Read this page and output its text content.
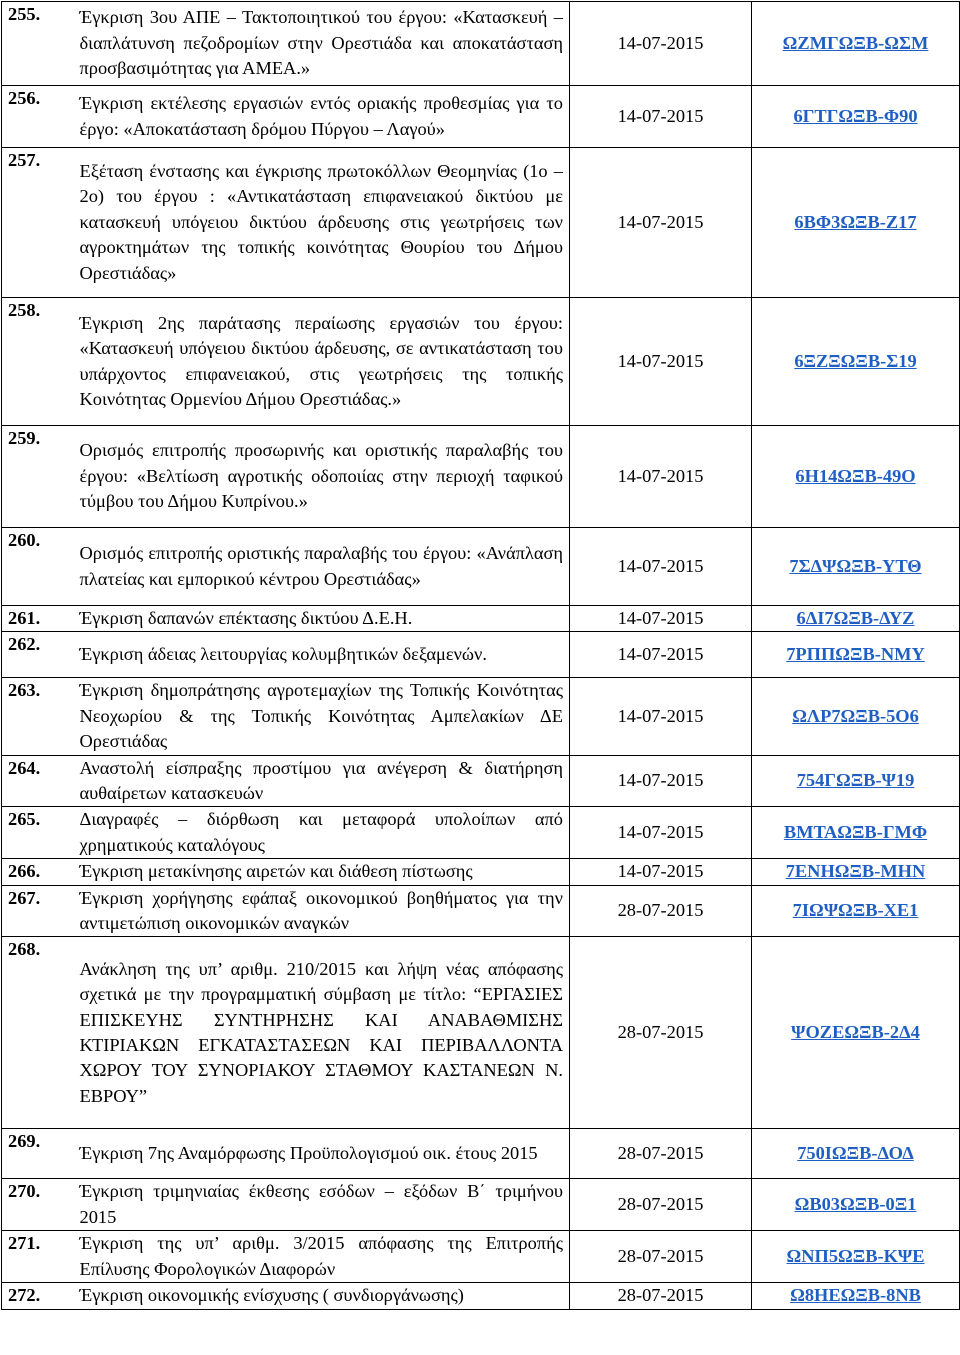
255.	Έγκριση 3ου ΑΠΕ – Τακτοποιητικού του έργου: «Κατασκευή – διαπλάτυνση πεζοδρομίων στην Ορεστιάδα και αποκατάσταση προσβασιμότητας για ΑΜΕΑ.»	14-07-2015	ΩΖΜΓΩΞΒ-ΩΣΜ
256.	Έγκριση εκτέλεσης εργασιών εντός οριακής προθεσμίας για το έργο: «Αποκατάσταση δρόμου Πύργου – Λαγού»	14-07-2015	6ΓΤΓΩΞΒ-Φ90
257.	Εξέταση ένστασης και έγκρισης πρωτοκόλλων Θεομηνίας (1ο – 2ο) του έργου : «Αντικατάσταση επιφανειακού δικτύου με κατασκευή υπόγειου δικτύου άρδευσης στις γεωτρήσεις των αγροκτημάτων της τοπικής κοινότητας Θουρίου του Δήμου Ορεστιάδας»	14-07-2015	6ΒΦ3ΩΞΒ-Ζ17
258.	Έγκριση 2ης παράτασης περαίωσης εργασιών του έργου: «Κατασκευή υπόγειου δικτύου άρδευσης, σε αντικατάσταση του υπάρχοντος επιφανειακού, στις γεωτρήσεις της τοπικής Κοινότητας Ορμενίου Δήμου Ορεστιάδας.»	14-07-2015	6ΞΖΞΩΞΒ-Σ19
259.	Ορισμός επιτροπής προσωρινής και οριστικής παραλαβής του έργου: «Βελτίωση αγροτικής οδοποιίας στην περιοχή ταφικού τύμβου του Δήμου Κυπρίνου.»	14-07-2015	6Η14ΩΞΒ-49Ο
260.	Ορισμός επιτροπής οριστικής παραλαβής του έργου: «Ανάπλαση πλατείας και εμπορικού κέντρου Ορεστιάδας»	14-07-2015	7ΣΔΨΩΞΒ-ΥΤΘ
261.	Έγκριση δαπανών επέκτασης δικτύου Δ.Ε.Η.	14-07-2015	6ΔΙ7ΩΞΒ-ΔΥΖ
262.	Έγκριση άδειας λειτουργίας κολυμβητικών δεξαμενών.	14-07-2015	7ΡΠΠΩΞΒ-ΝΜΥ
263.	Έγκριση δημοπράτησης αγροτεμαχίων της Τοπικής Κοινότητας Νεοχωρίου & της Τοπικής Κοινότητας Αμπελακίων ΔΕ Ορεστιάδας	14-07-2015	ΩΛΡ7ΩΞΒ-5Ο6
264.	Αναστολή είσπραξης προστίμου για ανέγερση & διατήρηση αυθαίρετων κατασκευών	14-07-2015	754ΓΩΞΒ-Ψ19
265.	Διαγραφές – διόρθωση και μεταφορά υπολοίπων από χρηματικούς καταλόγους	14-07-2015	ΒΜΤΑΩΞΒ-ΓΜΦ
266.	Έγκριση μετακίνησης αιρετών και διάθεση πίστωσης	14-07-2015	7ΕΝΗΩΞΒ-ΜΗΝ
267.	Έγκριση χορήγησης εφάπαξ οικονομικού βοηθήματος για την αντιμετώπιση οικονομικών αναγκών	28-07-2015	7ΙΩΨΩΞΒ-ΧΕ1
268.	Ανάκληση της υπ’ αριθμ. 210/2015 και λήψη νέας απόφασης σχετικά με την προγραμματική σύμβαση με τίτλο: “ΕΡΓΑΣΙΕΣ ΕΠΙΣΚΕΥΗΣ ΣΥΝΤΗΡΗΣΗΣ ΚΑΙ ΑΝΑΒΑΘΜΙΣΗΣ ΚΤΙΡΙΑΚΩΝ ΕΓΚΑΤΑΣΤΑΣΕΩΝ ΚΑΙ ΠΕΡΙΒΑΛΛΟΝΤΑ ΧΩΡΟΥ ΤΟΥ ΣΥΝΟΡΙΑΚΟΥ ΣΤΑΘΜΟΥ ΚΑΣΤΑΝΕΩΝ Ν. ΕΒΡΟΥ”	28-07-2015	ΨΟΖΕΩΞΒ-2Δ4
269.	Έγκριση 7ης Αναμόρφωσης Προϋπολογισμού οικ. έτους 2015	28-07-2015	750ΙΩΞΒ-ΔΟΔ
270.	Έγκριση τριμηνιαίας έκθεσης εσόδων – εξόδων Β΄ τριμήνου 2015	28-07-2015	ΩΒ03ΩΞΒ-0Ξ1
271.	Έγκριση της υπ’ αριθμ. 3/2015 απόφασης της Επιτροπής Επίλυσης Φορολογικών Διαφορών	28-07-2015	ΩΝΠ5ΩΞΒ-ΚΨΕ
272.	Έγκριση οικονομικής ενίσχυσης ( συνδιοργάνωσης)	28-07-2015	Ω8ΗΕΩΞΒ-8ΝΒ
